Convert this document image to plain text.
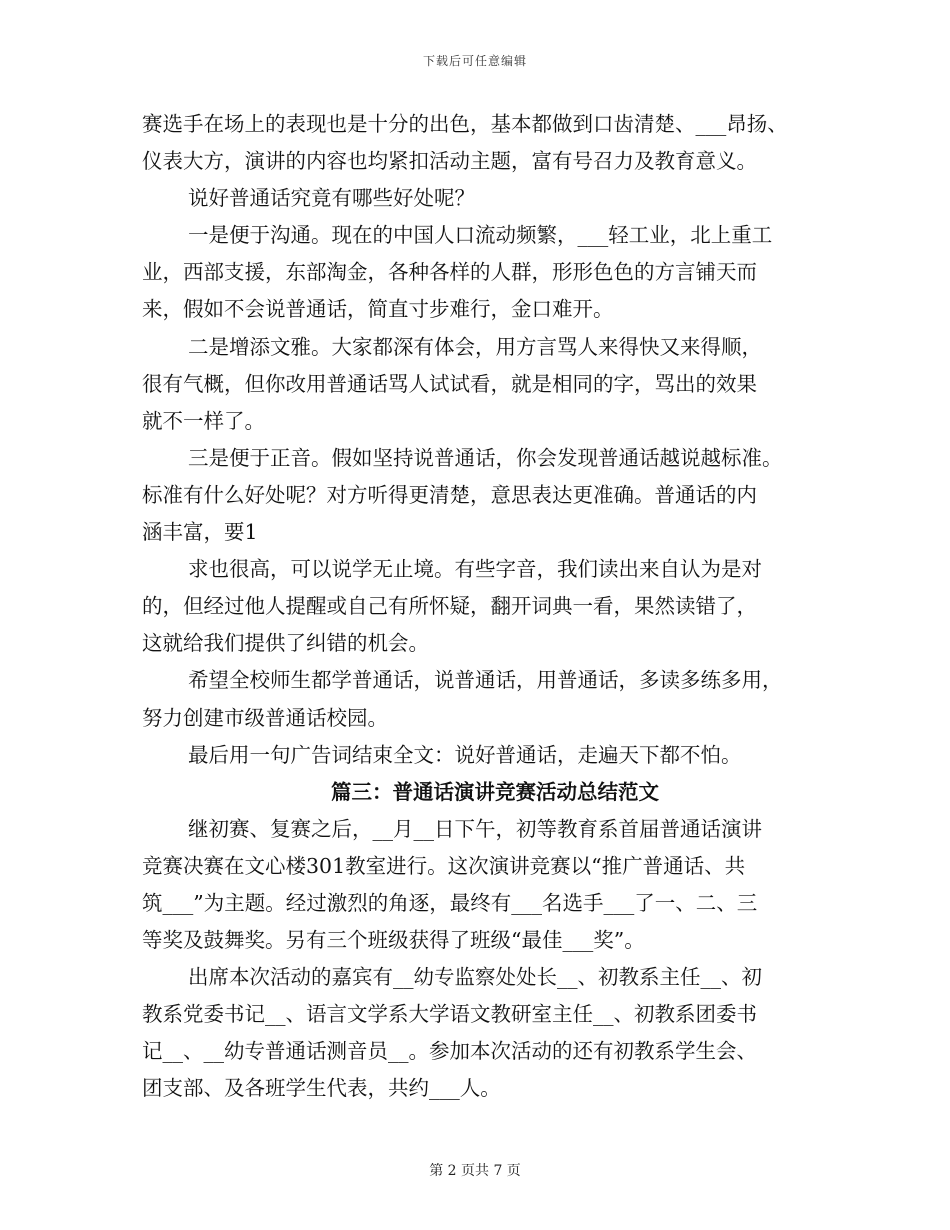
下载后可任意编辑
赛选手在场上的表现也是十分的出色，基本都做到口齿清楚、___昂扬、
仪表大方，演讲的内容也均紧扣活动主题，富有号召力及教育意义。
说好普通话究竟有哪些好处呢？
一是便于沟通。现在的中国人口流动频繁，___轻工业，北上重工
业，西部支援，东部淘金，各种各样的人群，形形色色的方言铺天而
来，假如不会说普通话，简直寸步难行，金口难开。
二是增添文雅。大家都深有体会，用方言骂人来得快又来得顺，
很有气概，但你改用普通话骂人试试看，就是相同的字，骂出的效果
就不一样了。
三是便于正音。假如坚持说普通话，你会发现普通话越说越标准。
标准有什么好处呢？对方听得更清楚，意思表达更准确。普通话的内
涵丰富，要1
求也很高，可以说学无止境。有些字音，我们读出来自认为是对
的，但经过他人提醒或自己有所怀疑，翻开词典一看，果然读错了，
这就给我们提供了纠错的机会。
希望全校师生都学普通话，说普通话，用普通话，多读多练多用，
努力创建市级普通话校园。
最后用一句广告词结束全文：说好普通话，走遍天下都不怕。
篇三：普通话演讲竞赛活动总结范文
继初赛、复赛之后，__月__日下午，初等教育系首届普通话演讲
竞赛决赛在文心楼301教室进行。这次演讲竞赛以“推广普通话、共
筑___”为主题。经过激烈的角逐，最终有___名选手___了一、二、三
等奖及鼓舞奖。另有三个班级获得了班级“最佳___奖”。
出席本次活动的嘉宾有__幼专监察处处长__、初教系主任__、初
教系党委书记__、语言文学系大学语文教研室主任__、初教系团委书
记__、__幼专普通话测音员__。参加本次活动的还有初教系学生会、
团支部、及各班学生代表，共约___人。
第 2 页共 7 页
